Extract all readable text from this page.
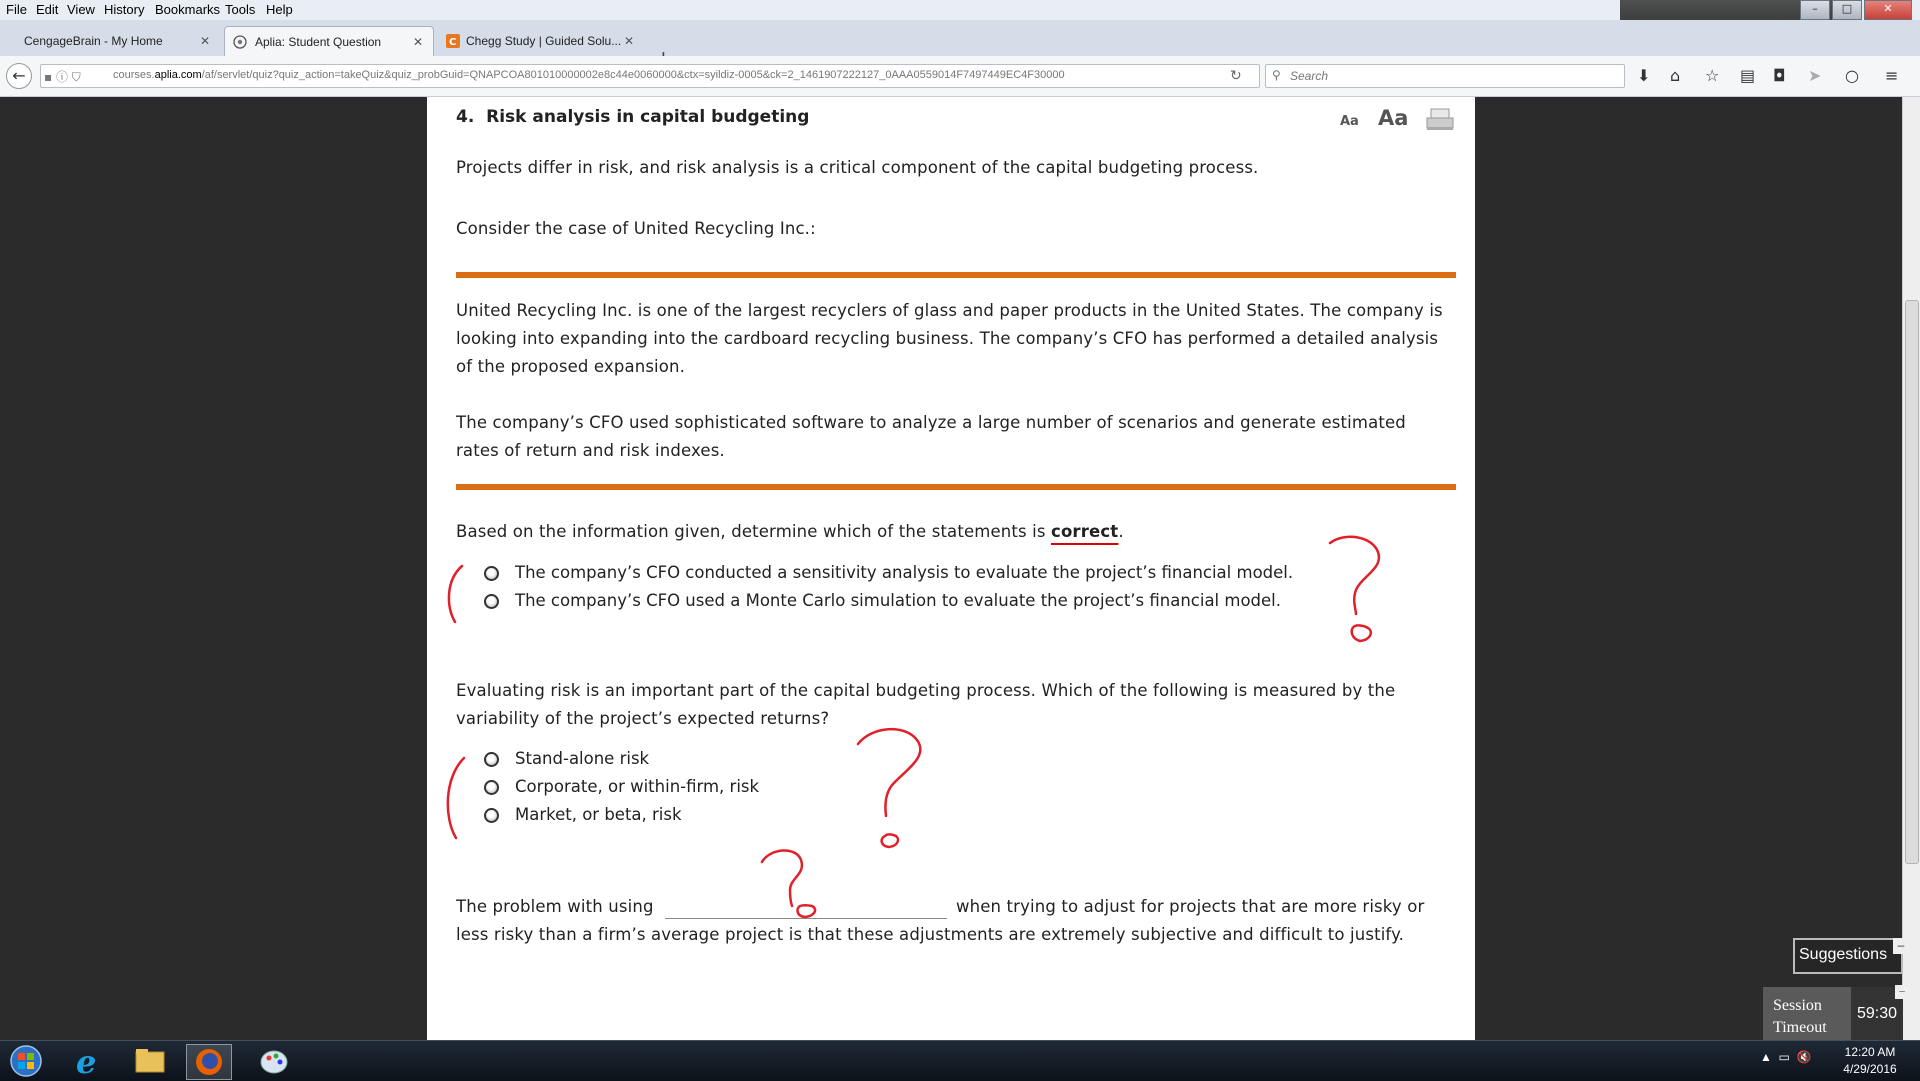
File Edit View History Bookmarks Tools Help	–	□	✕
CengageBrain - My Home	✕	Aplia: Student Question	✕	C Chegg Study | Guided Solu... ✕
←	courses.aplia.com/af/servlet/quiz?quiz_action=takeQuiz&quiz_probGuid=QNAPCOA801010000002e8c44e0060000&ctx=syildiz-0005&ck=2_1461907222127_0AAA0559014F7497449EC4F30000
▪ ⓘ ⛉	↻	⚲ Search	⬇ ⌂ ☆ ▤ ◘ ➤ ○ ≡
4. Risk analysis in capital budgeting	Aa Aa
Projects differ in risk, and risk analysis is a critical component of the capital budgeting process.
Consider the case of United Recycling Inc.:
United Recycling Inc. is one of the largest recyclers of glass and paper products in the United States. The company is looking into expanding into the cardboard recycling business. The company’s CFO has performed a detailed analysis of the proposed expansion.
The company’s CFO used sophisticated software to analyze a large number of scenarios and generate estimated rates of return and risk indexes.
Based on the information given, determine which of the statements is correct.
The company’s CFO conducted a sensitivity analysis to evaluate the project’s financial model.
The company’s CFO used a Monte Carlo simulation to evaluate the project’s financial model.
Evaluating risk is an important part of the capital budgeting process. Which of the following is measured by the variability of the project’s expected returns?
Stand-alone risk
Corporate, or within-firm, risk
Market, or beta, risk
The problem with using	when trying to adjust for projects that are more risky or
less risky than a firm’s average project is that these adjustments are extremely subjective and difficult to justify.
Suggestions
–
Session
Timeout
59:30
–
e	▲  ▭  🔇	12:20 AM
4/29/2016
